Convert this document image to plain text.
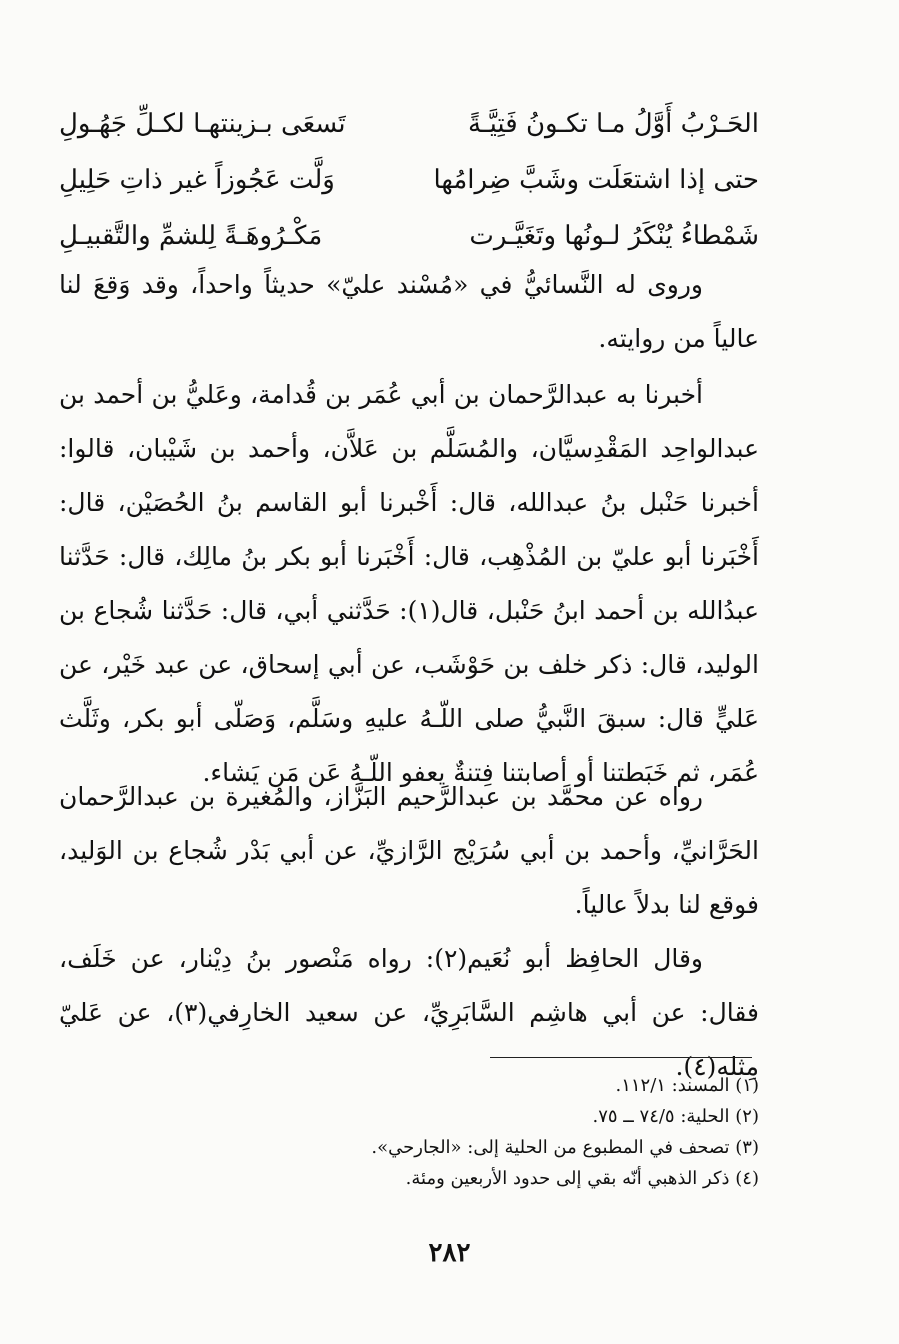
الحَـرْبُ أَوَّلُ مـا تكـونُ فَتِيَّـةً
تَسعَى بـزينتهـا لكـلِّ جَهُـولِ
حتى إذا اشتعَلَت وشَبَّ ضِرامُها
وَلَّت عَجُوزاً غير ذاتِ حَلِيلِ
شَمْطاءُ يُنْكَرُ لـونُها وتَغَيَّـرت
مَكْـرُوهَـةً لِلشمِّ والتَّقبيـلِ

وروى له النَّسائيُّ في «مُسْند عليّ» حديثاً واحداً، وقد وَقعَ لنا عالياً من روايته.

أخبرنا به عبدالرَّحمان بن أبي عُمَر بن قُدامة، وعَليُّ بن أحمد بن عبدالواحِد المَقْدِسيَّان، والمُسَلَّم بن عَلاَّن، وأحمد بن شَيْبان، قالوا: أخبرنا حَنْبل بنُ عبدالله، قال: أَخْبرنا أبو القاسم بنُ الحُصَيْن، قال: أَخْبَرنا أبو عليّ بن المُذْهِب، قال: أَخْبَرنا أبو بكر بنُ مالِك، قال: حَدَّثنا عبدُالله بن أحمد ابنُ حَنْبل، قال(١): حَدَّثني أبي، قال: حَدَّثنا شُجاع بن الوليد، قال: ذكر خلف بن حَوْشَب، عن أبي إسحاق، عن عبد خَيْر، عن عَليٍّ قال: سبقَ النَّبيُّ صلى اللّـهُ عليهِ وسَلَّم، وَصَلّى أبو بكر، وثَلَّث عُمَر، ثم خَبَطتنا أو أصابتنا فِتنةٌ يعفو اللّـهُ عَن مَن يَشاء.

رواه عن محمَّد بن عبدالرَّحيم البَزَّاز، والمُغيرة بن عبدالرَّحمان الحَرَّانيِّ، وأحمد بن أبي سُرَيْج الرَّازيِّ، عن أبي بَدْر شُجاع بن الوَليد، فوقع لنا بدلاً عالياً.

وقال الحافِظ أبو نُعَيم(٢): رواه مَنْصور بنُ دِيْنار، عن خَلَف، فقال: عن أبي هاشِم السَّابَرِيِّ، عن سعيد الخارِفي(٣)، عن عَليّ مِثله(٤).

(١) المسند: ١١٢/١.
(٢) الحلية: ٧٤/٥ ــ ٧٥.
(٣) تصحف في المطبوع من الحلية إلى: «الجارحي».
(٤) ذكر الذهبي أنّه بقي إلى حدود الأربعين ومئة.
٢٨٢
